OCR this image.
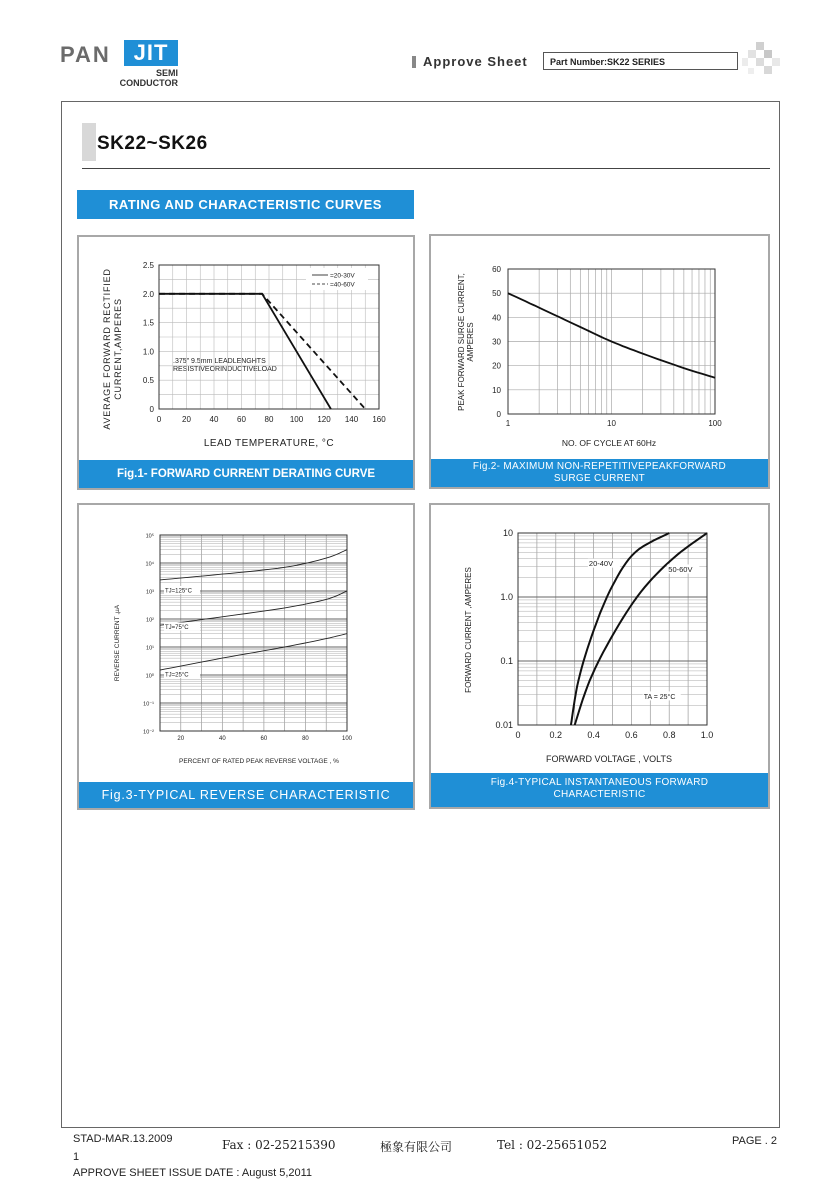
PAN	JIT
SEMI
CONDUCTOR
Approve Sheet	Part Number:SK22 SERIES
SK22~SK26
RATING AND CHARACTERISTIC CURVES
AVERAGE FORWARD RECTIFIED CURRENT,AMPERES
LEAD TEMPERATURE, °C
.375" 9.5mm LEADLENGHTS
RESISTIVEORINDUCTIVELOAD
0	20 40 60 80 100 120 140 160
0
0.5
1.0
1.5
2.0
2.5
=20-30V
=40-60V
Fig.1- FORWARD CURRENT DERATING CURVE
PEAK FORWARD SURGE CURRENT, AMPERES
NO. OF CYCLE AT 60Hz
1	10	100
0
10
20
30
40
50
60
Fig.2- MAXIMUM NON-REPETITIVEPEAKFORWARD
SURGE CURRENT
REVERSE CURRENT ,µA
PERCENT OF RATED PEAK REVERSE VOLTAGE , %
20	40	60	80	100
10⁻²
10⁻¹
10⁰
10¹
10²
10³
10⁴
10⁵
TJ=125°C
TJ=75°C
TJ=25°C
Fig.3-TYPICAL REVERSE CHARACTERISTIC
FORWARD CURRENT ,AMPERES
FORWARD VOLTAGE , VOLTS
0	0.2	0.4	0.6	0.8	1.0
0.01
0.1
1.0
10
20-40V
50-60V
TA = 25°C
Fig.4-TYPICAL INSTANTANEOUS FORWARD
CHARACTERISTIC
STAD-MAR.13.2009
1
APPROVE SHEET ISSUE DATE : August 5,2011
Fax : 02-25215390	極象有限公司	Tel : 02-25651052	PAGE . 2
